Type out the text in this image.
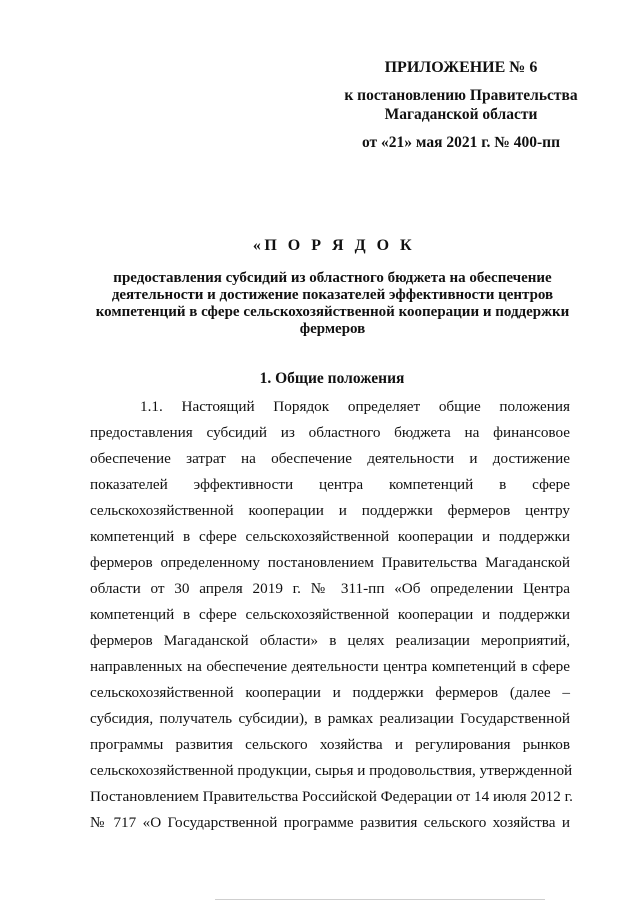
ПРИЛОЖЕНИЕ № 6
к постановлению Правительства
Магаданской области
от «21» мая 2021 г. № 400-пп
«П О Р Я Д О К
предоставления субсидий из областного бюджета на обеспечение
деятельности и достижение показателей эффективности центров
компетенций в сфере сельскохозяйственной кооперации и поддержки
фермеров
1. Общие положения
1.1. Настоящий Порядок определяет общие положения
предоставления субсидий из областного бюджета на финансовое
обеспечение затрат на обеспечение деятельности и достижение
показателей эффективности центра компетенций в сфере
сельскохозяйственной кооперации и поддержки фермеров центру
компетенций в сфере сельскохозяйственной кооперации и поддержки
фермеров определенному постановлением Правительства Магаданской
области от 30 апреля 2019 г. № 311-пп «Об определении Центра
компетенций в сфере сельскохозяйственной кооперации и поддержки
фермеров Магаданской области» в целях реализации мероприятий,
направленных на обеспечение деятельности центра компетенций в сфере
сельскохозяйственной кооперации и поддержки фермеров (далее –
субсидия, получатель субсидии), в рамках реализации Государственной
программы развития сельского хозяйства и регулирования рынков
сельскохозяйственной продукции, сырья и продовольствия, утвержденной
Постановлением Правительства Российской Федерации от 14 июля 2012 г.
№ 717 «О Государственной программе развития сельского хозяйства и
